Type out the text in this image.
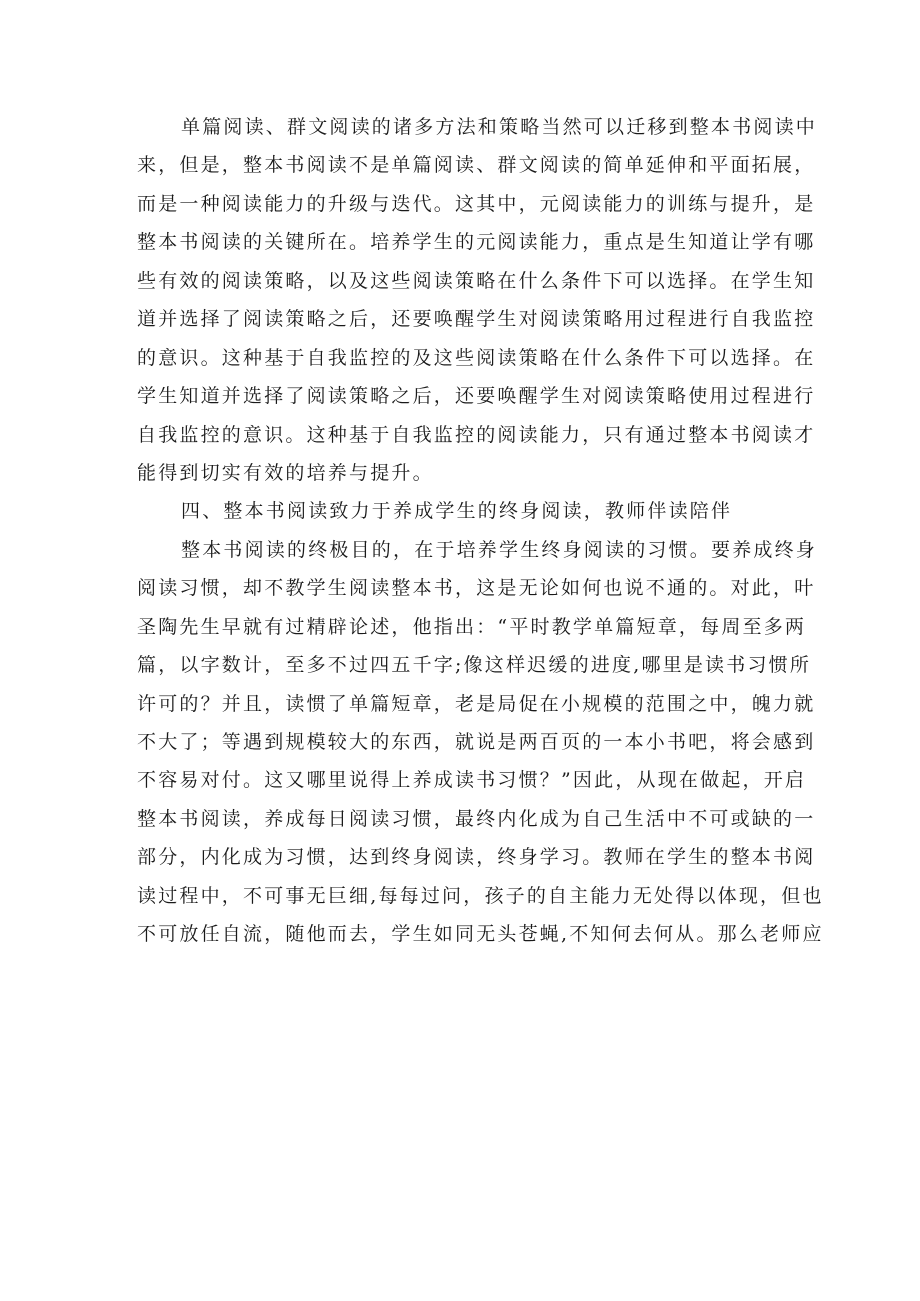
单篇阅读、群文阅读的诸多方法和策略当然可以迁移到整本书阅读中
来，但是，整本书阅读不是单篇阅读、群文阅读的简单延伸和平面拓展，
而是一种阅读能力的升级与迭代。这其中，元阅读能力的训练与提升，是
整本书阅读的关键所在。培养学生的元阅读能力，重点是生知道让学有哪
些有效的阅读策略，以及这些阅读策略在什么条件下可以选择。在学生知
道并选择了阅读策略之后，还要唤醒学生对阅读策略用过程进行自我监控
的意识。这种基于自我监控的及这些阅读策略在什么条件下可以选择。在
学生知道并选择了阅读策略之后，还要唤醒学生对阅读策略使用过程进行
自我监控的意识。这种基于自我监控的阅读能力，只有通过整本书阅读才
能得到切实有效的培养与提升。
四、整本书阅读致力于养成学生的终身阅读，教师伴读陪伴
整本书阅读的终极目的，在于培养学生终身阅读的习惯。要养成终身
阅读习惯，却不教学生阅读整本书，这是无论如何也说不通的。对此，叶
圣陶先生早就有过精辟论述，他指出：“平时教学单篇短章，每周至多两
篇，以字数计，至多不过四五千字;像这样迟缓的进度,哪里是读书习惯所
许可的？并且，读惯了单篇短章，老是局促在小规模的范围之中，魄力就
不大了；等遇到规模较大的东西，就说是两百页的一本小书吧，将会感到
不容易对付。这又哪里说得上养成读书习惯？”因此，从现在做起，开启
整本书阅读，养成每日阅读习惯，最终内化成为自己生活中不可或缺的一
部分，内化成为习惯，达到终身阅读，终身学习。教师在学生的整本书阅
读过程中，不可事无巨细,每每过问，孩子的自主能力无处得以体现，但也
不可放任自流，随他而去，学生如同无头苍蝇,不知何去何从。那么老师应
